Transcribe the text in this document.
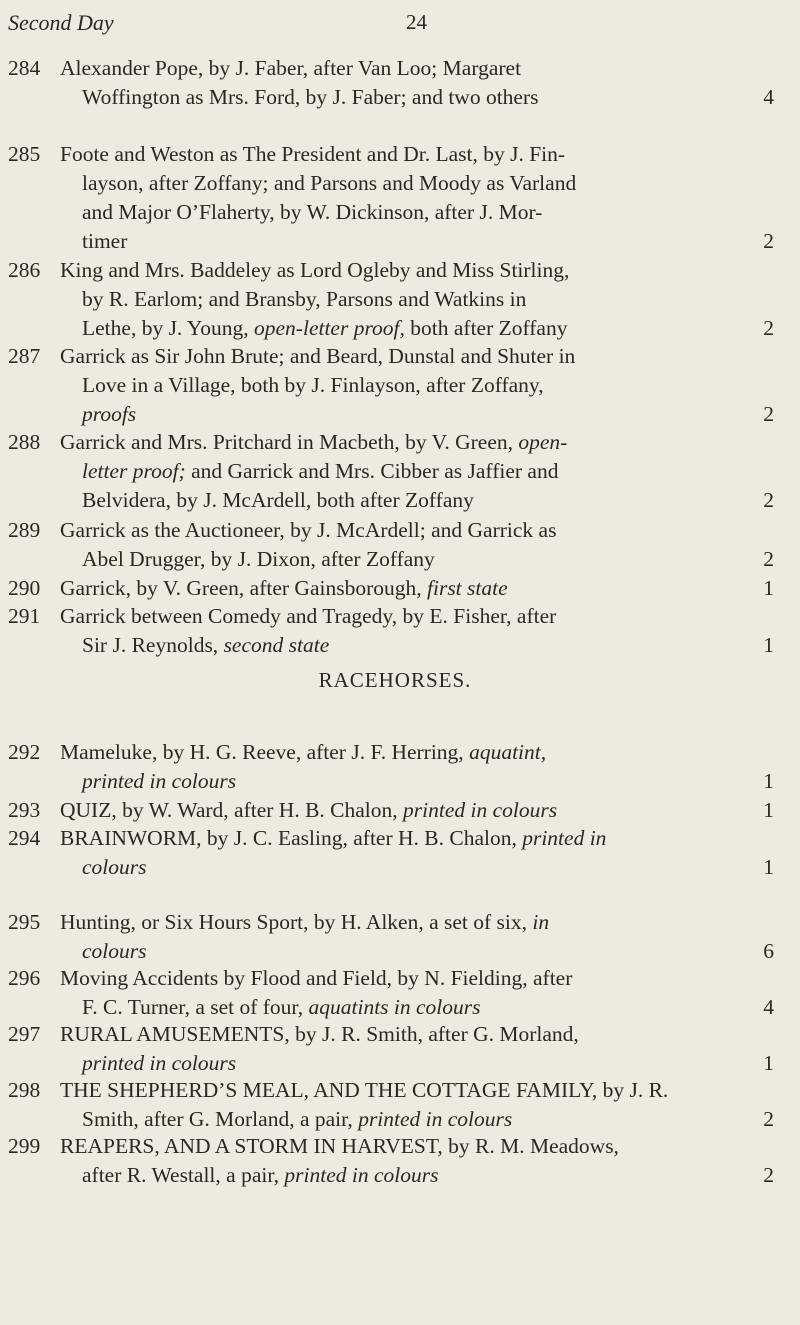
Second Day	24
284 Alexander Pope, by J. Faber, after Van Loo; Margaret
Woffington as Mrs. Ford, by J. Faber; and two others	4
285 Foote and Weston as The President and Dr. Last, by J. Fin-
layson, after Zoffany; and Parsons and Moody as Varland
and Major O’Flaherty, by W. Dickinson, after J. Mor-
timer	2
286 King and Mrs. Baddeley as Lord Ogleby and Miss Stirling,
by R. Earlom; and Bransby, Parsons and Watkins in
Lethe, by J. Young, open-letter proof, both after Zoffany	2
287 Garrick as Sir John Brute; and Beard, Dunstal and Shuter in
Love in a Village, both by J. Finlayson, after Zoffany,
proofs	2
288 Garrick and Mrs. Pritchard in Macbeth, by V. Green, open-
letter proof; and Garrick and Mrs. Cibber as Jaffier and
Belvidera, by J. McArdell, both after Zoffany	2
289 Garrick as the Auctioneer, by J. McArdell; and Garrick as
Abel Drugger, by J. Dixon, after Zoffany	2
290 Garrick, by V. Green, after Gainsborough, first state	1
291 Garrick between Comedy and Tragedy, by E. Fisher, after
Sir J. Reynolds, second state	1
292 Mameluke, by H. G. Reeve, after J. F. Herring, aquatint,
printed in colours	1
293 QUIZ, by W. Ward, after H. B. Chalon, printed in colours	1
294 BRAINWORM, by J. C. Easling, after H. B. Chalon, printed in
colours	1
295 Hunting, or Six Hours Sport, by H. Alken, a set of six, in
colours	6
296 Moving Accidents by Flood and Field, by N. Fielding, after
F. C. Turner, a set of four, aquatints in colours	4
297 RURAL AMUSEMENTS, by J. R. Smith, after G. Morland,
printed in colours	1
298 THE SHEPHERD’S MEAL, AND THE COTTAGE FAMILY, by J. R.
Smith, after G. Morland, a pair, printed in colours	2
299 REAPERS, AND A STORM IN HARVEST, by R. M. Meadows,
after R. Westall, a pair, printed in colours	2
RACEHORSES.
